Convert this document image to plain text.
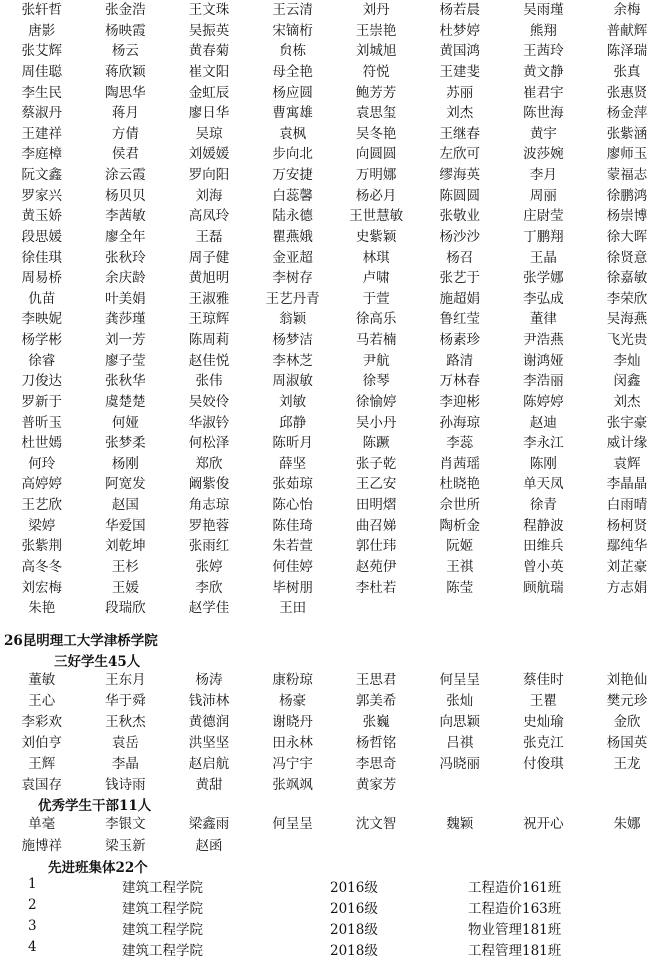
张轩哲	张金浩	王文珠	王云清	刘丹	杨若晨	吴雨瑾	余梅
唐影	杨映霞	吴振英	宋镝桁	王崇艳	杜梦婷	熊翔	普献辉
张艾辉	杨云	黄春菊	贠栋	刘城旭	黄国鸿	王茜玲	陈泽瑞
周佳聪	蒋欣颖	崔文阳	母全艳	符悦	王建斐	黄文静	张真
李生民	陶思华	金虹辰	杨应圆	鲍芳芳	苏丽	崔君宇	张惠贤
蔡淑丹	蒋月	廖日华	曹寓雄	袁思玺	刘杰	陈世海	杨金萍
王建祥	方倩	吴琼	袁枫	吴冬艳	王继春	黄宇	张紫涵
李庭樟	侯君	刘媛媛	步向北	向圆圆	左欣可	波莎婉	廖师玉
阮文鑫	涂云霞	罗向阳	万安捷	万明娜	缪海英	李月	蒙福志
罗家兴	杨贝贝	刘海	白蕊馨	杨必月	陈圆圆	周丽	徐鹏鸿
黄玉娇	李茜敏	高凤玲	陆永德	王世慧敏	张敬业	庄尉莹	杨崇博
段思媛	廖全年	王磊	瞿燕娥	史紫颖	杨沙沙	丁鹏翔	徐大晖
徐佳琪	张秋玲	周子健	金亚超	林琪	杨召	王晶	徐贤意
周易桥	余庆龄	黄旭明	李树存	卢啸	张艺于	张学娜	徐嘉敏
仇苗	叶美娟	王淑雅	王艺丹青	于萱	施超娟	李弘成	李荣欣
李映妮	龚莎瑾	王琼辉	翁颖	徐高乐	鲁红莹	董律	吴海燕
杨学彬	刘一芳	陈周莉	杨梦洁	马若楠	杨素珍	尹浩燕	飞光贵
徐睿	廖子莹	赵佳悦	李林芝	尹航	路清	谢鸿娅	李灿
刀俊达	张秋华	张伟	周淑敏	徐琴	万林春	李浩丽	闵鑫
罗新于	虞楚楚	吴姣伶	刘敏	徐愉婷	李迎彬	陈婷婷	刘杰
普昕玉	何娅	华淑钤	邱静	吴小丹	孙海琼	赵迪	张宇豪
杜世嫣	张梦柔	何松泽	陈昕月	陈蹶	李蕊	李永江	威计缘
何玲	杨刚	郑欣	薛坚	张子乾	肖茜瑶	陈刚	袁辉
高婷婷	阿宽发	阚紫俊	张茹琼	王乙安	杜晓艳	单天凤	李晶晶
王艺欣	赵国	角志琼	陈心怡	田明熠	佘世所	徐青	白雨晴
梁婷	华爱国	罗艳蓉	陈佳琦	曲召娣	陶析金	程静波	杨柯贤
张紫荆	刘乾坤	张雨红	朱若萱	郭仕玮	阮姬	田维兵	鄢纯华
高冬冬	王杉	张婷	何佳婷	赵苑伊	王祺	曾小英	刘芷豪
刘宏梅	王媛	李欣	毕树朋	李杜若	陈莹	顾航瑞	方志娟
朱艳	段瑞欣	赵学佳	王田
26昆明理工大学津桥学院
三好学生45人
董敏	王东月	杨涛	康粉琼	王思君	何呈呈	蔡佳时	刘艳仙
王心	华于舜	钱沛林	杨豪	郭美希	张灿	王瞿	樊元珍
李彩欢	王秋杰	黄德润	谢晓丹	张巍	向思颖	史灿瑜	金欣
刘伯亨	袁岳	洪坚坚	田永林	杨哲铭	吕祺	张克江	杨国英
王辉	李晶	赵启航	冯宁宇	李思奇	冯晓丽	付俊琪	王龙
袁国存	钱诗雨	黄甜	张飒飒	黄家芳
优秀学生干部11人
单毫	李银文	梁鑫雨	何呈呈	沈文智	魏颖	祝开心	朱娜
施博祥	梁玉新	赵函
先进班集体22个
1	建筑工程学院	2016级	工程造价161班
2	建筑工程学院	2016级	工程造价163班
3	建筑工程学院	2018级	物业管理181班
4	建筑工程学院	2018级	工程管理181班
